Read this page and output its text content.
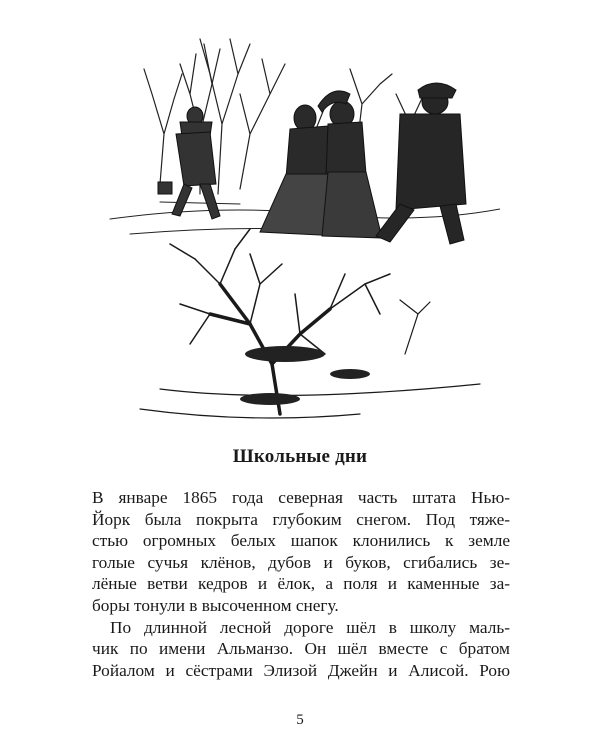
Школьные дни

В январе 1865 года северная часть штата Нью-
Йорк была покрыта глубоким снегом. Под тяже-
стью огромных белых шапок клонились к земле
голые сучья клёнов, дубов и буков, сгибались зе-
лёные ветви кедров и ёлок, а поля и каменные за-
боры тонули в высоченном снегу.

По длинной лесной дороге шёл в школу маль-
чик по имени Альманзо. Он шёл вместе с братом
Ройалом и сёстрами Элизой Джейн и Алисой. Рою

5
